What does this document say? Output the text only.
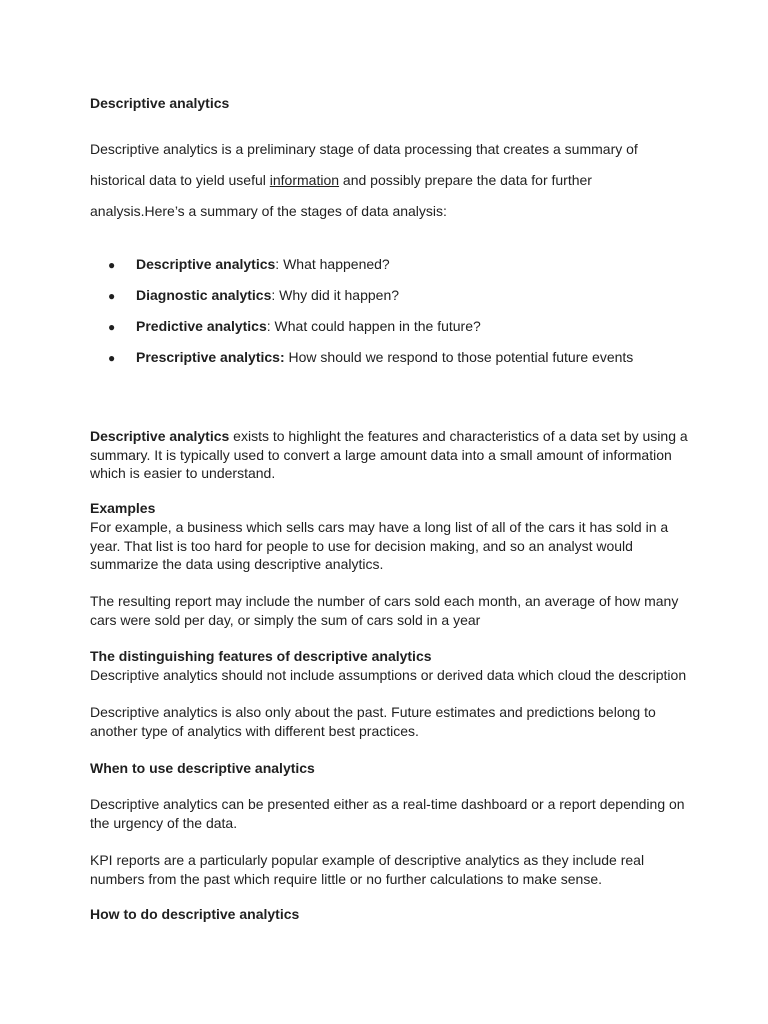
Descriptive analytics

Descriptive analytics is a preliminary stage of data processing that creates a summary of historical data to yield useful information and possibly prepare the data for further analysis.Here’s a summary of the stages of data analysis:

● Descriptive analytics: What happened?
● Diagnostic analytics: Why did it happen?
● Predictive analytics: What could happen in the future?
● Prescriptive analytics: How should we respond to those potential future events

Descriptive analytics exists to highlight the features and characteristics of a data set by using a summary. It is typically used to convert a large amount data into a small amount of information which is easier to understand.

Examples

For example, a business which sells cars may have a long list of all of the cars it has sold in a year. That list is too hard for people to use for decision making, and so an analyst would summarize the data using descriptive analytics.

The resulting report may include the number of cars sold each month, an average of how many cars were sold per day, or simply the sum of cars sold in a year

The distinguishing features of descriptive analytics

Descriptive analytics should not include assumptions or derived data which cloud the description

Descriptive analytics is also only about the past. Future estimates and predictions belong to another type of analytics with different best practices.

When to use descriptive analytics

Descriptive analytics can be presented either as a real-time dashboard or a report depending on the urgency of the data.

KPI reports are a particularly popular example of descriptive analytics as they include real numbers from the past which require little or no further calculations to make sense.

How to do descriptive analytics
